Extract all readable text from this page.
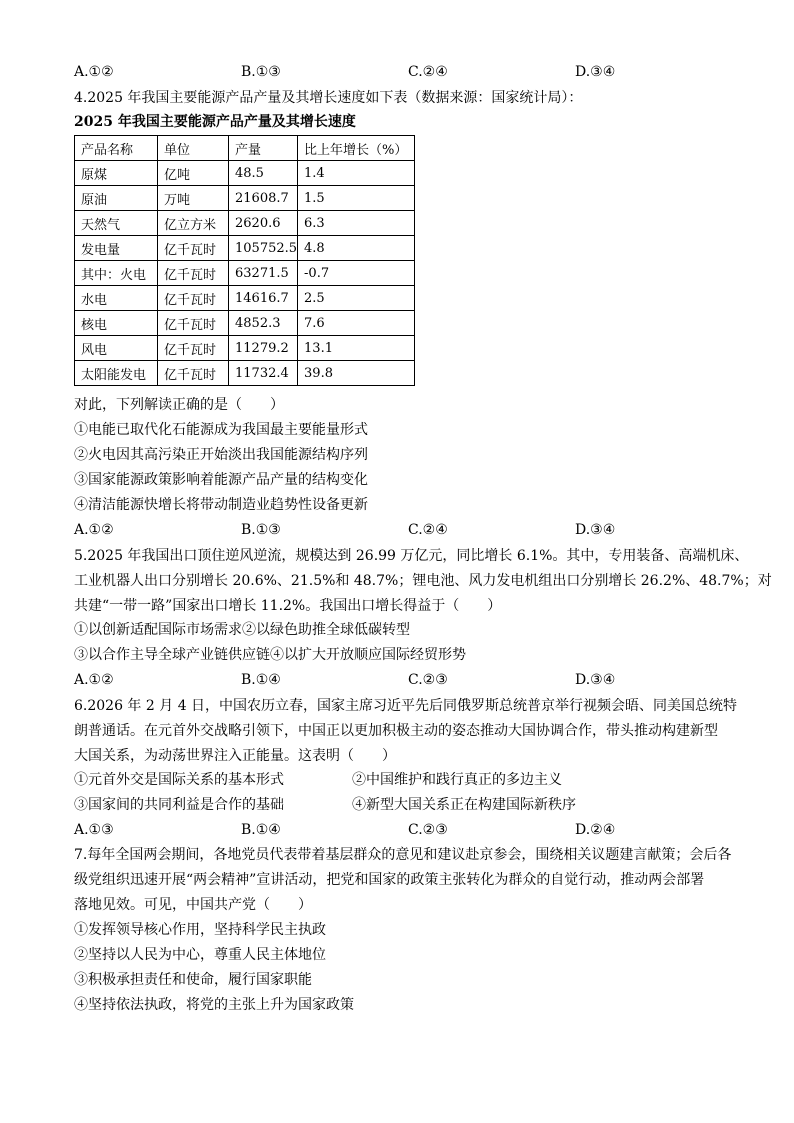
A.①②	B.①③	C.②④	D.③④
4.2025 年我国主要能源产品产量及其增长速度如下表（数据来源：国家统计局）：
2025 年我国主要能源产品产量及其增长速度
产品名称	单位	产量	比上年增长（%）
原煤	亿吨	48.5	1.4
原油	万吨	21608.7	1.5
天然气	亿立方米	2620.6	6.3
发电量	亿千瓦时	105752.5	4.8
其中：火电	亿千瓦时	63271.5	-0.7
水电	亿千瓦时	14616.7	2.5
核电	亿千瓦时	4852.3	7.6
风电	亿千瓦时	11279.2	13.1
太阳能发电	亿千瓦时	11732.4	39.8
对此，下列解读正确的是（　　）
①电能已取代化石能源成为我国最主要能量形式
②火电因其高污染正开始淡出我国能源结构序列
③国家能源政策影响着能源产品产量的结构变化
④清洁能源快增长将带动制造业趋势性设备更新
A.①②	B.①③	C.②④	D.③④
5.2025 年我国出口顶住逆风逆流，规模达到 26.99 万亿元，同比增长 6.1%。其中，专用装备、高端机床、
工业机器人出口分别增长 20.6%、21.5%和 48.7%；锂电池、风力发电机组出口分别增长 26.2%、48.7%；对
共建“一带一路”国家出口增长 11.2%。我国出口增长得益于（　　）
①以创新适配国际市场需求②以绿色助推全球低碳转型
③以合作主导全球产业链供应链④以扩大开放顺应国际经贸形势
A.①②	B.①④	C.②③	D.③④
6.2026 年 2 月 4 日，中国农历立春，国家主席习近平先后同俄罗斯总统普京举行视频会晤、同美国总统特
朗普通话。在元首外交战略引领下，中国正以更加积极主动的姿态推动大国协调合作，带头推动构建新型
大国关系，为动荡世界注入正能量。这表明（　　）
①元首外交是国际关系的基本形式	②中国维护和践行真正的多边主义
③国家间的共同利益是合作的基础	④新型大国关系正在构建国际新秩序
A.①③	B.①④	C.②③	D.②④
7.每年全国两会期间，各地党员代表带着基层群众的意见和建议赴京参会，围绕相关议题建言献策；会后各
级党组织迅速开展“两会精神”宣讲活动，把党和国家的政策主张转化为群众的自觉行动，推动两会部署
落地见效。可见，中国共产党（　　）
①发挥领导核心作用，坚持科学民主执政
②坚持以人民为中心，尊重人民主体地位
③积极承担责任和使命，履行国家职能
④坚持依法执政，将党的主张上升为国家政策
